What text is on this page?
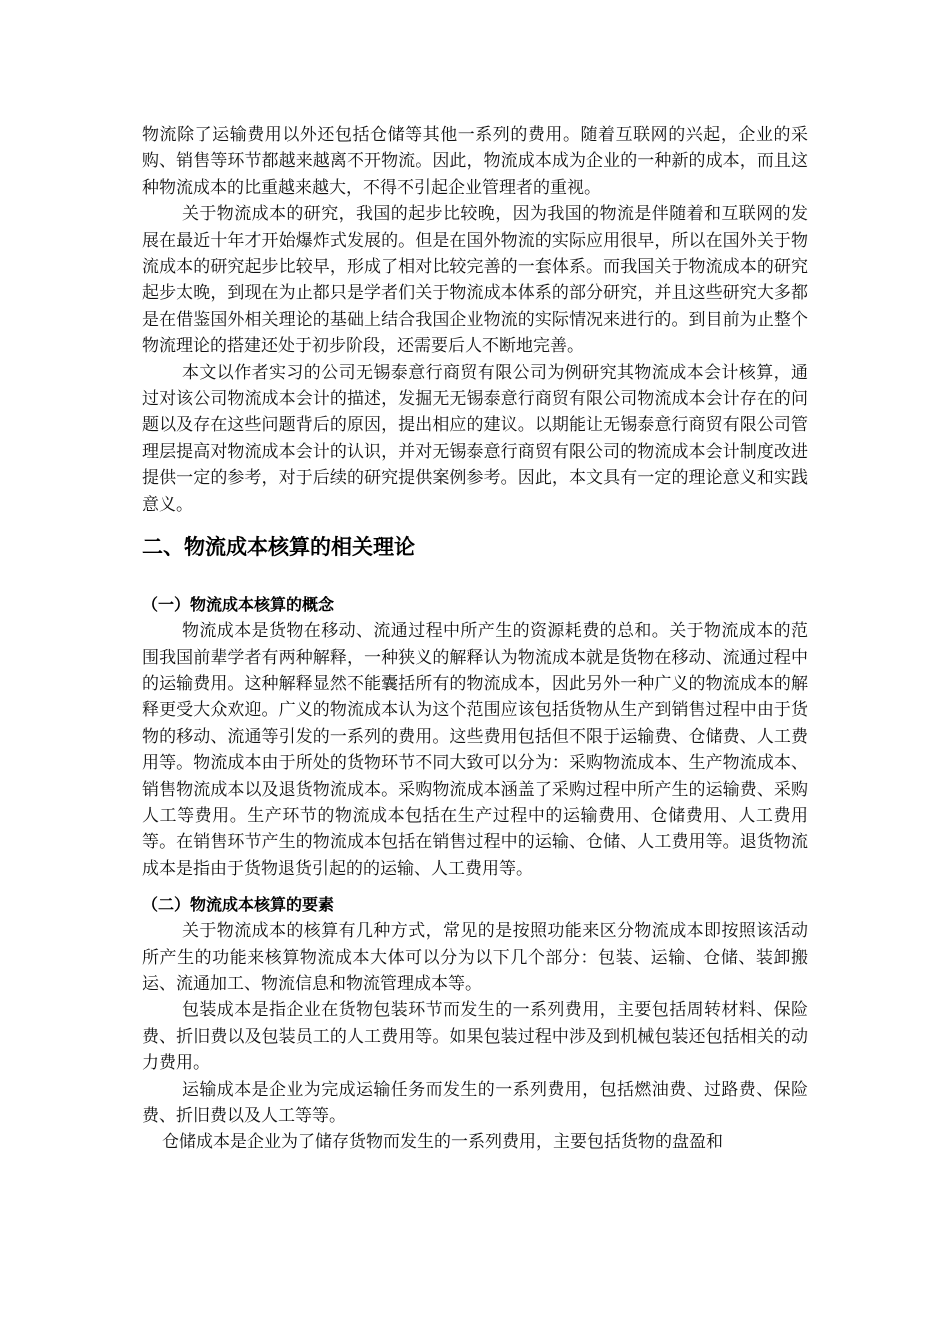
物流除了运输费用以外还包括仓储等其他一系列的费用。随着互联网的兴起，企业的采购、销售等环节都越来越离不开物流。因此，物流成本成为企业的一种新的成本，而且这种物流成本的比重越来越大，不得不引起企业管理者的重视。

关于物流成本的研究，我国的起步比较晚，因为我国的物流是伴随着和互联网的发展在最近十年才开始爆炸式发展的。但是在国外物流的实际应用很早，所以在国外关于物流成本的研究起步比较早，形成了相对比较完善的一套体系。而我国关于物流成本的研究起步太晚，到现在为止都只是学者们关于物流成本体系的部分研究，并且这些研究大多都是在借鉴国外相关理论的基础上结合我国企业物流的实际情况来进行的。到目前为止整个物流理论的搭建还处于初步阶段，还需要后人不断地完善。

本文以作者实习的公司无锡泰意行商贸有限公司为例研究其物流成本会计核算，通过对该公司物流成本会计的描述，发掘无无锡泰意行商贸有限公司物流成本会计存在的问题以及存在这些问题背后的原因，提出相应的建议。以期能让无锡泰意行商贸有限公司管理层提高对物流成本会计的认识，并对无锡泰意行商贸有限公司的物流成本会计制度改进提供一定的参考，对于后续的研究提供案例参考。因此，本文具有一定的理论意义和实践意义。

二、物流成本核算的相关理论
（一）物流成本核算的概念

物流成本是货物在移动、流通过程中所产生的资源耗费的总和。关于物流成本的范围我国前辈学者有两种解释，一种狭义的解释认为物流成本就是货物在移动、流通过程中的运输费用。这种解释显然不能囊括所有的物流成本，因此另外一种广义的物流成本的解释更受大众欢迎。广义的物流成本认为这个范围应该包括货物从生产到销售过程中由于货物的移动、流通等引发的一系列的费用。这些费用包括但不限于运输费、仓储费、人工费用等。物流成本由于所处的货物环节不同大致可以分为：采购物流成本、生产物流成本、销售物流成本以及退货物流成本。采购物流成本涵盖了采购过程中所产生的运输费、采购人工等费用。生产环节的物流成本包括在生产过程中的运输费用、仓储费用、人工费用等。在销售环节产生的物流成本包括在销售过程中的运输、仓储、人工费用等。退货物流成本是指由于货物退货引起的的运输、人工费用等。

（二）物流成本核算的要素

关于物流成本的核算有几种方式，常见的是按照功能来区分物流成本即按照该活动所产生的功能来核算物流成本大体可以分为以下几个部分：包装、运输、仓储、装卸搬运、流通加工、物流信息和物流管理成本等。

包装成本是指企业在货物包装环节而发生的一系列费用，主要包括周转材料、保险费、折旧费以及包装员工的人工费用等。如果包装过程中涉及到机械包装还包括相关的动力费用。

运输成本是企业为完成运输任务而发生的一系列费用，包括燃油费、过路费、保险费、折旧费以及人工等等。

仓储成本是企业为了储存货物而发生的一系列费用，主要包括货物的盘盈和
